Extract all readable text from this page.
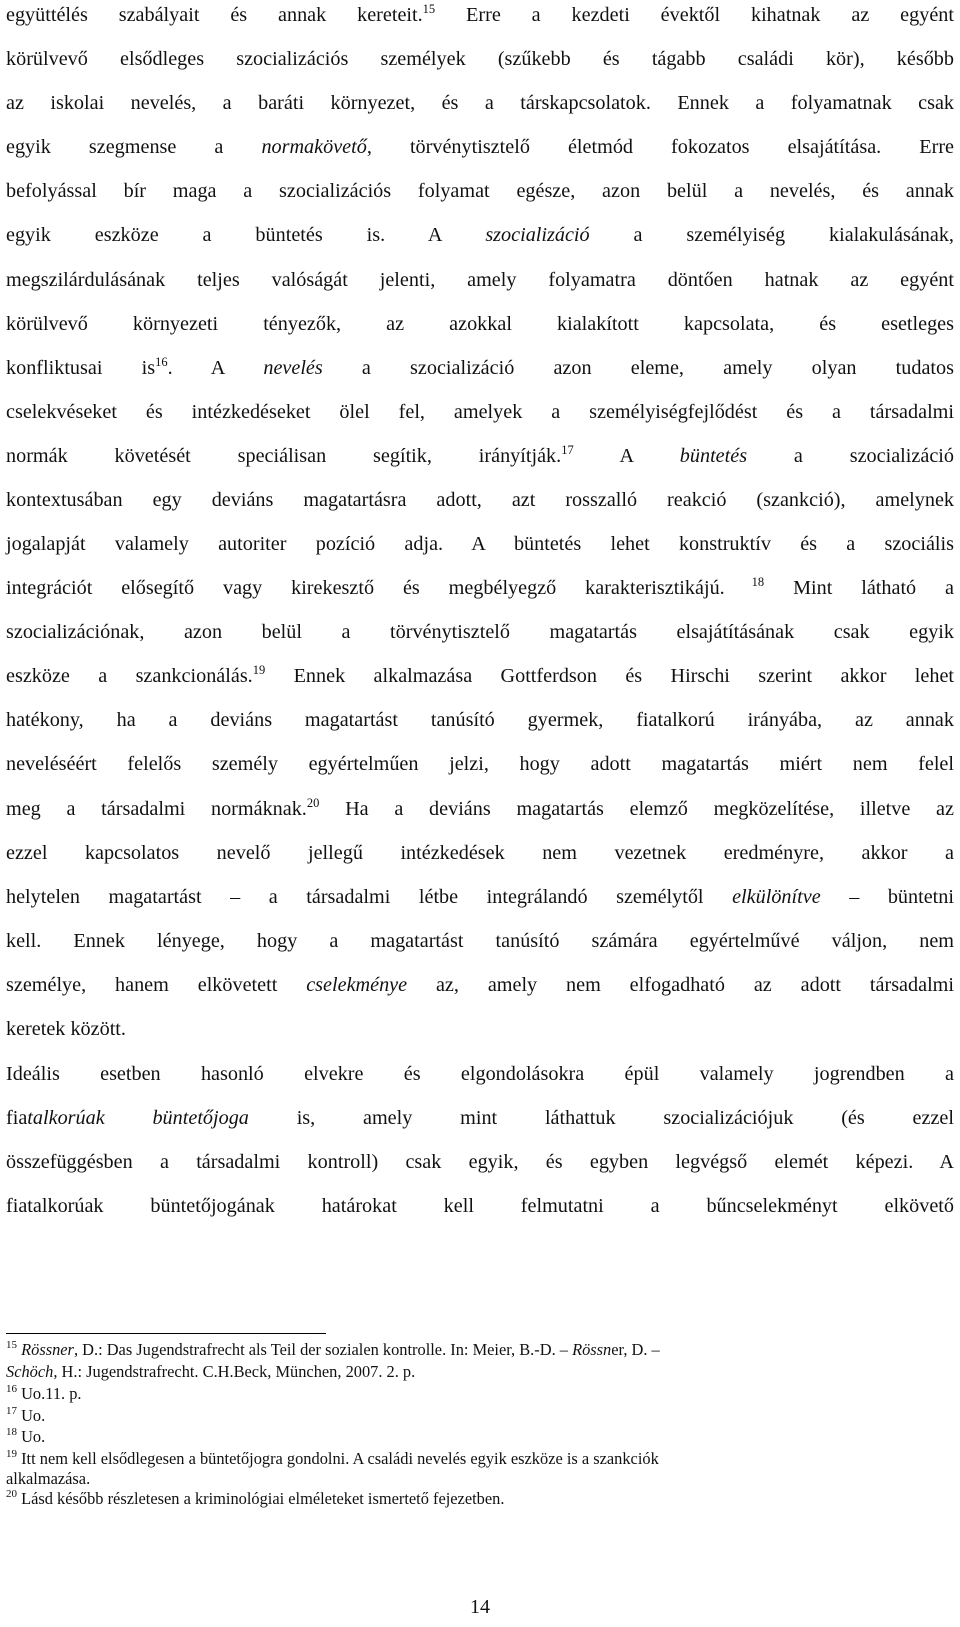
együttélés szabályait és annak kereteit.$^{15}$ Erre a kezdeti évektől kihatnak az egyént
körülvevő elsődleges szocializációs személyek (szűkebb és tágabb családi kör), később
az iskolai nevelés, a baráti környezet, és a társkapcsolatok. Ennek a folyamatnak csak
egyik szegmense a normakövető, törvénytisztelő életmód fokozatos elsajátítása. Erre
befolyással bír maga a szocializációs folyamat egésze, azon belül a nevelés, és annak
egyik eszköze a büntetés is. A szocializáció a személyiség kialakulásának,
megszilárdulásának teljes valóságát jelenti, amely folyamatra döntően hatnak az egyént
körülvevő környezeti tényezők, az azokkal kialakított kapcsolata, és esetleges
konfliktusai $is^{16}$. A nevelés a szocializáció azon eleme, amely olyan tudatos
cselekvéseket és intézkedéseket ölel fel, amelyek a személyiségfejlődést és a társadalmi
normák követését speciálisan segítik, irányítják.$^{17}$ A büntetés a szocializáció
kontextusában egy deviáns magatartásra adott, azt rosszalló reakció (szankció), amelynek
jogalapját valamely autoriter pozíció adja. A büntetés lehet konstruktív és a szociális
integrációt elősegítő vagy kirekesztő és megbélyegző karakterisztikájú. $^{18}$ Mint látható a
szocializációnak, azon belül a törvénytisztelő magatartás elsajátításának csak egyik
eszköze a szankcionálás.$^{19}$ Ennek alkalmazása Gottferdson és Hirschi szerint akkor lehet
hatékony, ha a deviáns magatartást tanúsító gyermek, fiatalkorú irányába, az annak
neveléséért felelős személy egyértelműen jelzi, hogy adott magatartás miért nem felel
meg a társadalmi normáknak.$^{20}$ Ha a deviáns magatartás elemző megközelítése, illetve az
ezzel kapcsolatos nevelő jellegű intézkedések nem vezetnek eredményre, akkor a
helytelen magatartást – a társadalmi létbe integrálandó személytől elkülönítve – büntetni
kell. Ennek lényege, hogy a magatartást tanúsító számára egyértelművé váljon, nem
személye, hanem elkövetett cselekménye az, amely nem elfogadható az adott társadalmi
keretek között.
Ideális esetben hasonló elvekre és elgondolásokra épül valamely jogrendben a
fiatalkorúak büntetőjoga is, amely mint láthattuk szocializációjuk (és ezzel
összefüggésben a társadalmi kontroll) csak egyik, és egyben legvégső elemét képezi. A
fiatalkorúak büntetőjogának határokat kell felmutatni a bűncselekményt elkövető
$^{15}$ Rössner, D.: Das Jugendstrafrecht als Teil der sozialen kontrolle. In: Meier, B.-D. – Rössner, D. –
Schöch, H.: Jugendstrafrecht. C.H.Beck, München, 2007. 2. p.
$^{16}$ Uo.11. p.
$^{17}$ Uo.
$^{18}$ Uo.
$^{19}$ Itt nem kell elsődlegesen a büntetőjogra gondolni. A családi nevelés egyik eszköze is a szankciók
alkalmazása.
$^{20}$ Lásd később részletesen a kriminológiai elméleteket ismertető fejezetben.
14
